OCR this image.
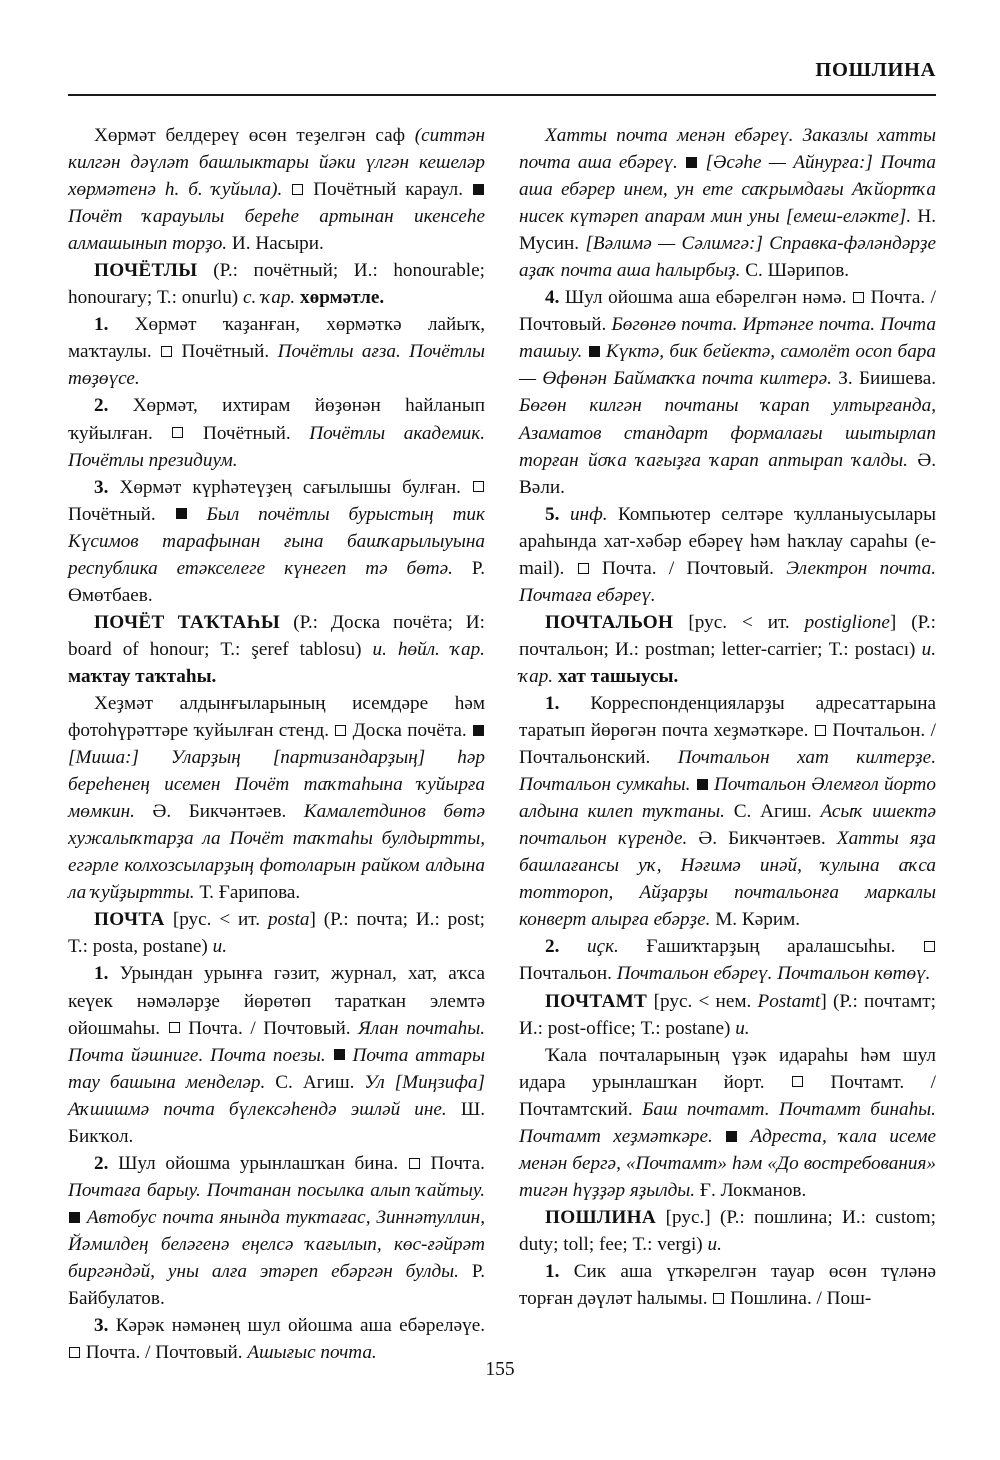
ПОШЛИНА

Хөрмәт белдереү өсөн теҙелгән саф (ситтән килгән дәүләт башлыктары йәки үлгән кешеләр хөрмәтенә һ. б. ҡуйыла).  Почётный караул.  Почёт ҡарауылы береһе артынан икенсеһе алмашынып торҙо. И. Насыри.

ПОЧЁТЛЫ (Р.: почётный; И.: honourable; honourary; Т.: onurlu) с. ҡар. хөрмәтле.

1. Хөрмәт ҡаҙанған, хөрмәткә лайыҡ, маҡтаулы.  Почётный. Почётлы ағза. Почётлы төҙөүсе.

2. Хөрмәт, ихтирам йөҙөнән һайланып ҡуйылған.  Почётный. Почётлы академик. Почётлы президиум.

3. Хөрмәт күрһәтеүҙең сағылышы булған.  Почётный.  Был почётлы бурыстың тик Күсимов тарафынан ғына башҡарылыуына республика етәкселеге күнегеп тә бөтә. Р. Өмөтбаев.

ПОЧЁТ ТАҠТАҺЫ (Р.: Доска почёта; И: board of honour; Т.: şeref tablosu) и. һөйл. ҡар. маҡтау таҡтаһы.

Хеҙмәт алдынғыларының исемдәре һәм фотоһүрәттәре ҡуйылған стенд.  Доска почёта.  [Миша:] Уларҙың [партизандарҙың] һәр береһенең исемен Почёт таҡтаһына ҡуйырға мөмкин. Ә. Бикчәнтәев. Камалетдинов бөтә хужалыҡтарҙа ла Почёт таҡтаһы булдыртты, егәрле колхозсыларҙың фотоларын райком алдына ла ҡуйҙыртты. Т. Ғарипова.

ПОЧТА [рус. < ит. posta] (Р.: почта; И.: post; Т.: posta, postane) и.

1. Урындан урынға гәзит, журнал, хат, аҡса кеүек нәмәләрҙе йөрөтөп тараткан элемтә ойошмаһы.  Почта. / Почтовый. Ялан почтаһы. Почта йәшниге. Почта поезы.  Почта аттары тау башына менделәр. С. Агиш. Ул [Миңзифа] Аҡшишмә почта бүлексәһендә эшләй ине. Ш. Бикҡол.

2. Шул ойошма урынлашҡан бина.  Почта. Почтаға барыу. Почтанан посылка алып ҡайтыу.  Автобус почта янында туктағас, Зиннәтуллин, Йәмилдең беләгенә еңелсә ҡағылып, көс-ғәйрәт биргәндәй, уны алға этәреп ебәргән булды. Р. Байбулатов.

3. Кәрәк нәмәнең шул ойошма аша ебәреләүе.  Почта. / Почтовый. Ашығыс почта.

Хатты почта менән ебәреү. Заказлы хатты почта аша ебәреү.  [Әсәһе — Айнурға:] Почта аша ебәрер инем, ун ете саҡрымдағы Аҡйортҡа нисек күтәреп апарам мин уны [емеш-еләкте]. Н. Мусин. [Вәлимә — Сәлимгә:] Справка-фәләндәрҙе аҙаҡ почта аша һалырбыҙ. С. Шәрипов.

4. Шул ойошма аша ебәрелгән нәмә.  Почта. / Почтовый. Бөгөнгө почта. Иртәнге почта. Почта ташыу.  Күктә, бик бейектә, самолёт осоп бара — Өфөнән Баймаҡҡа почта килтерә. З. Биишева. Бөгөн килгән почтаны ҡарап ултырғанда, Азаматов стандарт формалағы шытырлап торған йоҡа ҡағыҙға ҡарап аптырап ҡалды. Ә. Вәли.

5. инф. Компьютер селтәре ҡулланыусылары араһында хат-хәбәр ебәреү һәм һаҡлау сараһы (e-mail).  Почта. / Почтовый. Электрон почта. Почтаға ебәреү.

ПОЧТАЛЬОН [рус. < ит. postiglione] (Р.: почтальон; И.: postman; letter-carrier; Т.: postacı) и. ҡар. хат ташыусы.

1. Корреспонденцияларҙы адресаттарына таратып йөрөгән почта хеҙмәткәре.  Почтальон. / Почтальонский. Почтальон хат килтерҙе. Почтальон сумкаһы.  Почтальон Әлемғол йорто алдына килеп туҡтаны. С. Агиш. Асыҡ ишектә почтальон күренде. Ә. Бикчәнтәев. Хатты яҙа башлағансы уҡ, Нәғимә инәй, ҡулына аҡса тоттороп, Айҙарҙы почтальонға маркалы конверт алырға ебәрҙе. М. Кәрим.

2. иҫк. Ғашиҡтарҙың аралашсыһы.  Почтальон. Почтальон ебәреү. Почтальон көтөү.

ПОЧТАМТ [рус. < нем. Postamt] (Р.: почтамт; И.: post-office; Т.: postane) и.

Ҡала почталарының үҙәк идараһы һәм шул идара урынлашҡан йорт.  Почтамт. / Почтамтский. Баш почтамт. Почтамт бинаһы. Почтамт хеҙмәткәре.  Адреста, ҡала исеме менән бергә, «Почтамт» һәм «До востребования» тигән һүҙҙәр яҙылды. Ғ. Локманов.

ПОШЛИНА [рус.] (Р.: пошлина; И.: custom; duty; toll; fee; Т.: vergi) и.

1. Сик аша үткәрелгән тауар өсөн түләнә торған дәүләт һалымы.  Пошлина. / Пош-

155
